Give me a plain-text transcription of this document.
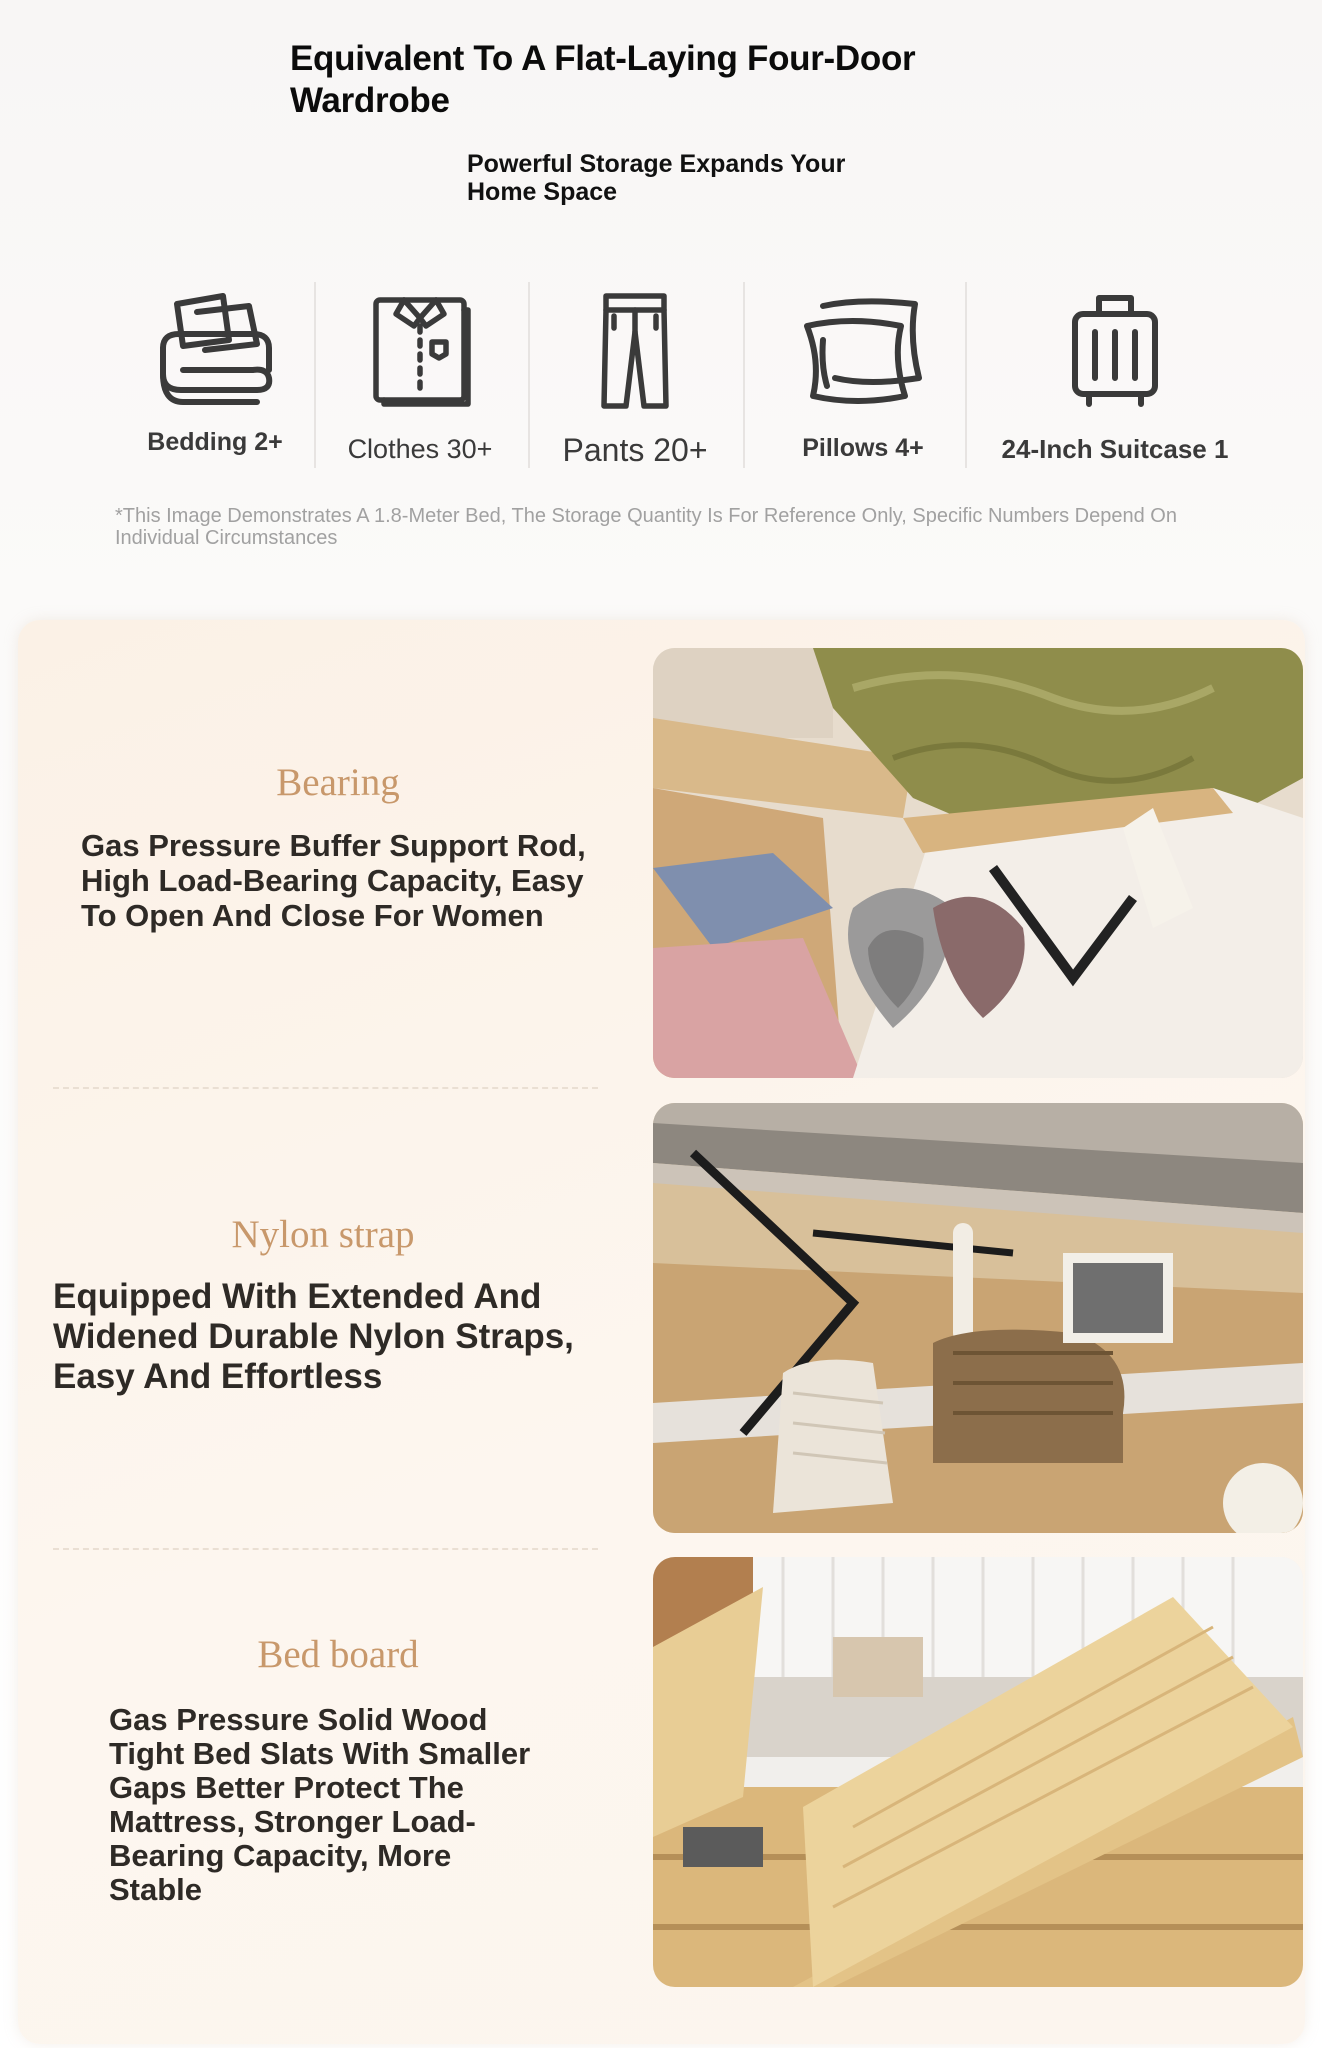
Equivalent To A Flat-Laying Four-Door Wardrobe
Powerful Storage Expands Your Home Space
Bedding 2+	Clothes 30+	Pants 20+	Pillows 4+	24-Inch Suitcase 1
*This Image Demonstrates A 1.8-Meter Bed, The Storage Quantity Is For Reference Only, Specific Numbers Depend On Individual Circumstances
Bearing
Gas Pressure Buffer Support Rod, High Load-Bearing Capacity, Easy To Open And Close For Women
Nylon strap
Equipped With Extended And Widened Durable Nylon Straps, Easy And Effortless
Bed board
Gas Pressure Solid Wood Tight Bed Slats With Smaller Gaps Better Protect The Mattress, Stronger Load-Bearing Capacity, More Stable
